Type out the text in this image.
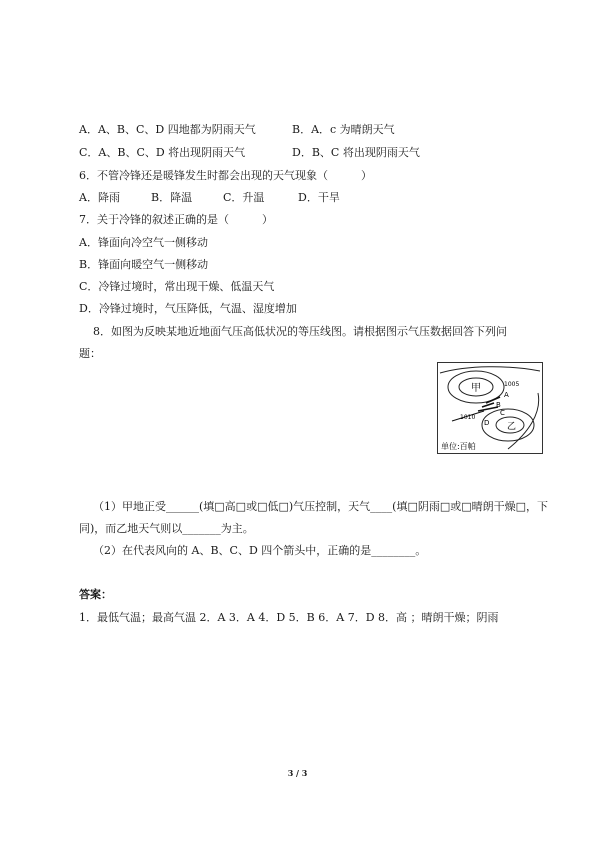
A．A、B、C、D 四地都为阴雨天气	B．A．c 为晴朗天气
C．A、B、C、D 将出现阴雨天气	D．B、C 将出现阴雨天气
6．不管冷锋还是暖锋发生时都会出现的天气现象（　　　）
A．降雨	B．降温	C．升温	D．干旱
7．关于冷锋的叙述正确的是（　　　）
A．锋面向冷空气一侧移动
B．锋面向暖空气一侧移动
C．冷锋过境时，常出现干燥、低温天气
D．冷锋过境时，气压降低，气温、湿度增加
8．如图为反映某地近地面气压高低状况的等压线图。请根据图示气压数据回答下列问
题：
甲	1005
1010
A
B
C
D 乙
单位:百帕
（1）甲地正受______(填□高□或□低□)气压控制，天气____(填□阴雨□或□晴朗干燥□，下
同)，而乙地天气则以_______为主。
（2）在代表风向的 A、B、C、D 四个箭头中，正确的是________。
答案：
1．最低气温；最高气温 2．A 3．A 4．D 5．B 6．A 7．D 8．高 ；晴朗干燥；阴雨
3 / 3
